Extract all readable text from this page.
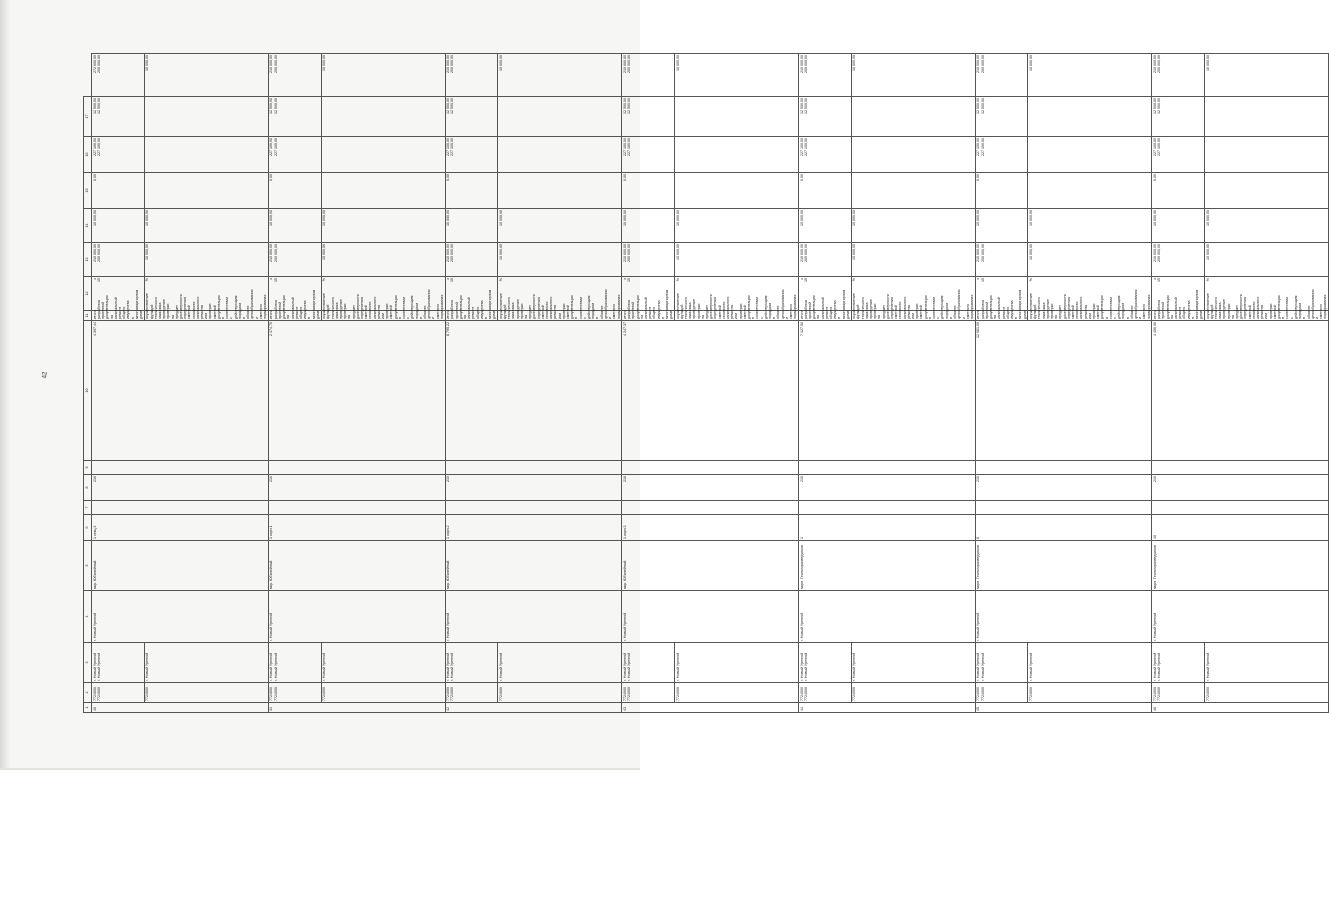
42
1	2	3	4	5	6	7	8	9	10	11	12	13	14	15	16	17	
40	7724000 7724000	г. Новый Уренгой г. Новый Уренгой	г. Новый Уренгой	мкр. Юбилейный	1 секц.3		210		4 397,44	итого разработка проектной документации на капитальный ремонт общего имущества в многоквартирном доме	х 15	210 000,00 200 000,00	10 000,00	0,00	227 100,00 227 100,00	12 500,00 12 500,00	272 000,00 200 000,00

	7724000	г. Новый Уренгой								осуществление функций технического заказчика: проведение проверки на предмет достоверности определения сметной стоимости капитального ремонта или проверки сметной документации в соответствии с действующим порядком в области ценообразования и сметного нормирования	%	10 000,00	10 000,00				10 000,00

41	7724000 7724000	г. Новый Уренгой г. Новый Уренгой	г. Новый Уренгой	мкр. Юбилейный	1 корп.1		210		2 174,70	итого разработка проектной документации на капитальный ремонт общего имущества в многоквартирном доме	х 15	210 000,00 200 000,00	10 000,00	0,00	227 100,00 227 100,00	12 500,00 12 500,00	210 000,00 200 000,00

	7724000	г. Новый Уренгой								осуществление функций технического заказчика: проведение проверки на предмет достоверности определения сметной стоимости капитального ремонта или проверки сметной документации в соответствии с действующим порядком в области ценообразования и сметного нормирования	%	10 000,00	10 000,00				10 000,00

42	7724000 7724000	г. Новый Уренгой г. Новый Уренгой	г. Новый Уренгой	мкр. Юбилейный	1 корп.2		210		8 795,22	итого разработка проектной документации на капитальный ремонт общего имущества в многоквартирном доме	х 15	210 000,00 200 000,00	10 000,00	0,00	227 100,00 227 100,00	12 500,00 12 500,00	210 000,00 200 000,00

	7724000	г. Новый Уренгой								осуществление функций технического заказчика: проведение проверки на предмет достоверности определения сметной стоимости капитального ремонта или проверки сметной документации в соответствии с действующим порядком в области ценообразования и сметного нормирования	%	10 000,00	10 000,00				10 000,00

43	7724000 7724000	г. Новый Уренгой г. Новый Уренгой	г. Новый Уренгой	мкр. Юбилейный	1 корп.3		210		4 247,37	итого разработка проектной документации на капитальный ремонт общего имущества в многоквартирном доме	х 15	210 000,00 200 000,00	10 000,00	0,00	227 100,00 227 100,00	12 500,00 12 500,00	210 000,00 200 000,00

	7724000	г. Новый Уренгой								осуществление функций технического заказчика: проведение проверки на предмет достоверности определения сметной стоимости капитального ремонта или проверки сметной документации в соответствии с действующим порядком в области ценообразования и сметного нормирования	%	10 000,00	10 000,00				10 000,00

44	7724000 7724000	г. Новый Уренгой г. Новый Уренгой	г. Новый Уренгой	мкрн. Геологоразведчиков	1		210		7 127,50	итого разработка проектной документации на капитальный ремонт общего имущества в многоквартирном доме	х 15	210 000,00 200 000,00	10 000,00	0,00	227 100,00 227 100,00	12 500,00 12 500,00	210 000,00 200 000,00

	7724000	г. Новый Уренгой								осуществление функций технического заказчика: проведение проверки на предмет достоверности определения сметной стоимости капитального ремонта или проверки сметной документации в соответствии с действующим порядком в области ценообразования и сметного нормирования	%	10 000,00	10 000,00				10 000,00

45	7724000 7724000	г. Новый Уренгой г. Новый Уренгой	г. Новый Уренгой	мкрн. Геологоразведчиков	8		210		12 081,00	итого разработка проектной документации на капитальный ремонт общего имущества в многоквартирном доме	х 15	210 000,00 200 000,00	10 000,00	0,00	227 100,00 227 100,00	12 500,00 12 500,00	210 000,00 200 000,00

	7724000	г. Новый Уренгой								осуществление функций технического заказчика: проведение проверки на предмет достоверности определения сметной стоимости капитального ремонта или проверки сметной документации в соответствии с действующим порядком в области ценообразования и сметного нормирования	%	10 000,00	10 000,00				10 000,00

46	7724000 7724000	г. Новый Уренгой г. Новый Уренгой	г. Новый Уренгой	мкрн. Геологоразведчиков	10		210		4 406,00	итого разработка проектной документации на капитальный ремонт общего имущества в многоквартирном доме	х 15	210 000,00 200 000,00	10 000,00	0,00	227 100,00 227 100,00	12 500,00 12 500,00	210 000,00 200 000,00

	7724000	г. Новый Уренгой								осуществление функций технического заказчика: проведение проверки на предмет достоверности определения сметной стоимости капитального ремонта или проверки сметной документации в соответствии с действующим порядком в области ценообразования и сметного нормирования	%	10 000,00	10 000,00				10 000,00
